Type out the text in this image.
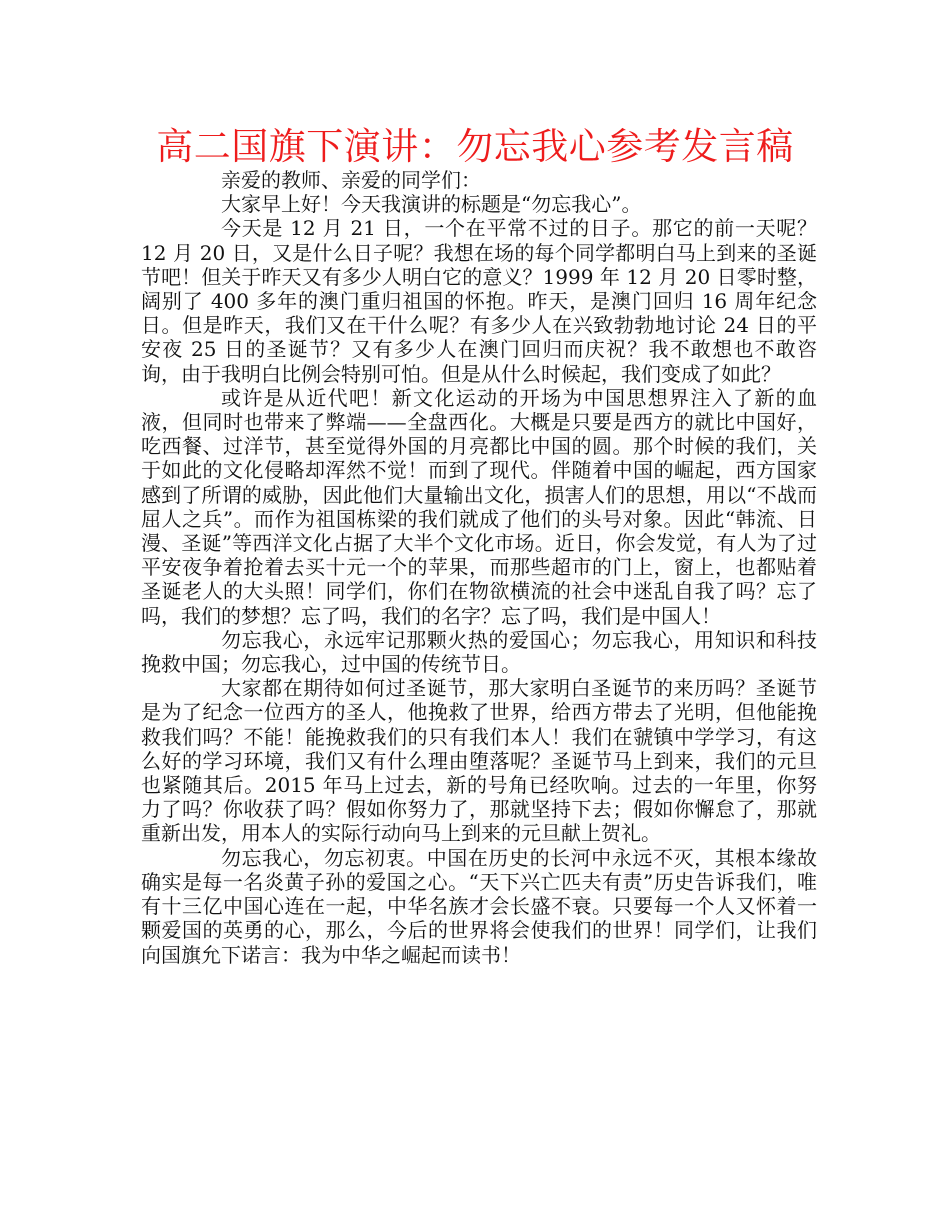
高二国旗下演讲：勿忘我心参考发言稿

亲爱的教师、亲爱的同学们：

大家早上好！今天我演讲的标题是“勿忘我心”。

今天是 12 月 21 日，一个在平常不过的日子。那它的前一天呢？12 月 20 日，又是什么日子呢？我想在场的每个同学都明白马上到来的圣诞节吧！但关于昨天又有多少人明白它的意义？1999 年 12 月 20 日零时整，阔别了 400 多年的澳门重归祖国的怀抱。昨天，是澳门回归 16 周年纪念日。但是昨天，我们又在干什么呢？有多少人在兴致勃勃地讨论 24 日的平安夜 25 日的圣诞节？又有多少人在澳门回归而庆祝？我不敢想也不敢咨询，由于我明白比例会特别可怕。但是从什么时候起，我们变成了如此？

或许是从近代吧！新文化运动的开场为中国思想界注入了新的血液，但同时也带来了弊端——全盘西化。大概是只要是西方的就比中国好，吃西餐、过洋节，甚至觉得外国的月亮都比中国的圆。那个时候的我们，关于如此的文化侵略却浑然不觉！而到了现代。伴随着中国的崛起，西方国家感到了所谓的威胁，因此他们大量输出文化，损害人们的思想，用以“不战而屈人之兵”。而作为祖国栋梁的我们就成了他们的头号对象。因此“韩流、日漫、圣诞”等西洋文化占据了大半个文化市场。近日，你会发觉，有人为了过平安夜争着抢着去买十元一个的苹果，而那些超市的门上，窗上，也都贴着圣诞老人的大头照！同学们，你们在物欲横流的社会中迷乱自我了吗？忘了吗，我们的梦想？忘了吗，我们的名字？忘了吗，我们是中国人！

勿忘我心，永远牢记那颗火热的爱国心；勿忘我心，用知识和科技挽救中国；勿忘我心，过中国的传统节日。

大家都在期待如何过圣诞节，那大家明白圣诞节的来历吗？圣诞节是为了纪念一位西方的圣人，他挽救了世界，给西方带去了光明，但他能挽救我们吗？不能！能挽救我们的只有我们本人！我们在虢镇中学学习，有这么好的学习环境，我们又有什么理由堕落呢？圣诞节马上到来，我们的元旦也紧随其后。2015 年马上过去，新的号角已经吹响。过去的一年里，你努力了吗？你收获了吗？假如你努力了，那就坚持下去；假如你懈怠了，那就重新出发，用本人的实际行动向马上到来的元旦献上贺礼。

勿忘我心，勿忘初衷。中国在历史的长河中永远不灭，其根本缘故确实是每一名炎黄子孙的爱国之心。“天下兴亡匹夫有责”历史告诉我们，唯有十三亿中国心连在一起，中华名族才会长盛不衰。只要每一个人又怀着一颗爱国的英勇的心，那么，今后的世界将会使我们的世界！同学们，让我们向国旗允下诺言：我为中华之崛起而读书！
